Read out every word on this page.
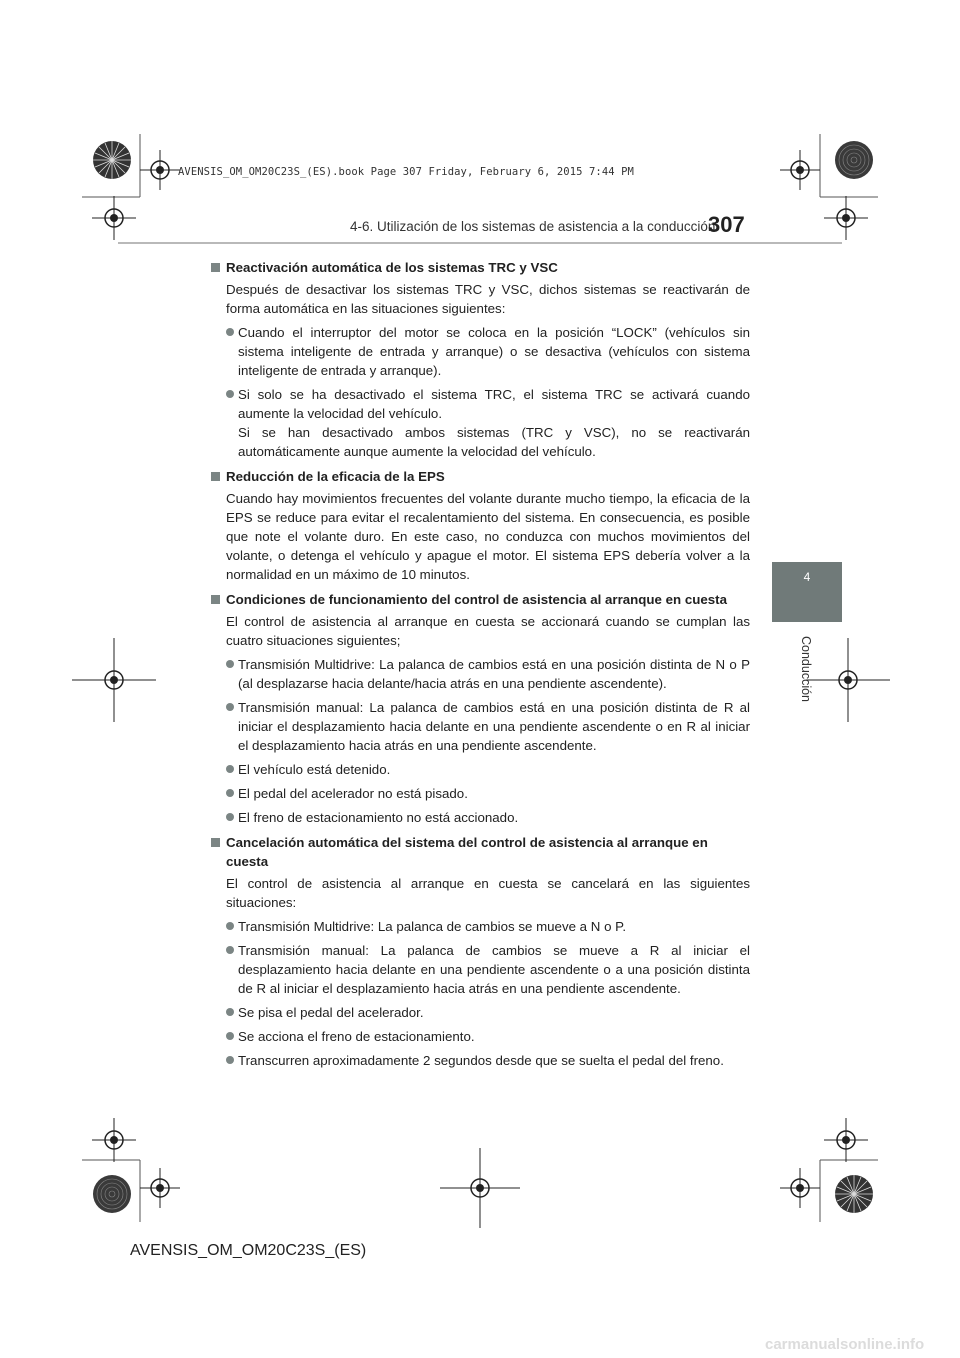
AVENSIS_OM_OM20C23S_(ES).book Page 307 Friday, February 6, 2015 7:44 PM
4-6. Utilización de los sistemas de asistencia a la conducción
307
4
Conducción
Reactivación automática de los sistemas TRC y VSC
Después de desactivar los sistemas TRC y VSC, dichos sistemas se reactivarán de forma automática en las situaciones siguientes:
Cuando el interruptor del motor se coloca en la posición “LOCK” (vehículos sin sistema inteligente de entrada y arranque) o se desactiva (vehículos con sistema inteligente de entrada y arranque).
Si solo se ha desactivado el sistema TRC, el sistema TRC se activará cuando aumente la velocidad del vehículo.
Si se han desactivado ambos sistemas (TRC y VSC), no se reactivarán automáticamente aunque aumente la velocidad del vehículo.
Reducción de la eficacia de la EPS
Cuando hay movimientos frecuentes del volante durante mucho tiempo, la eficacia de la EPS se reduce para evitar el recalentamiento del sistema. En consecuencia, es posible que note el volante duro. En este caso, no conduzca con muchos movimientos del volante, o detenga el vehículo y apague el motor. El sistema EPS debería volver a la normalidad en un máximo de 10 minutos.
Condiciones de funcionamiento del control de asistencia al arranque en cuesta
El control de asistencia al arranque en cuesta se accionará cuando se cumplan las cuatro situaciones siguientes;
Transmisión Multidrive: La palanca de cambios está en una posición distinta de N o P (al desplazarse hacia delante/hacia atrás en una pendiente ascendente).
Transmisión manual: La palanca de cambios está en una posición distinta de R al iniciar el desplazamiento hacia delante en una pendiente ascendente o en R al iniciar el desplazamiento hacia atrás en una pendiente ascendente.
El vehículo está detenido.
El pedal del acelerador no está pisado.
El freno de estacionamiento no está accionado.
Cancelación automática del sistema del control de asistencia al arranque en cuesta
El control de asistencia al arranque en cuesta se cancelará en las siguientes situaciones:
Transmisión Multidrive: La palanca de cambios se mueve a N o P.
Transmisión manual: La palanca de cambios se mueve a R al iniciar el desplazamiento hacia delante en una pendiente ascendente o a una posición distinta de R al iniciar el desplazamiento hacia atrás en una pendiente ascendente.
Se pisa el pedal del acelerador.
Se acciona el freno de estacionamiento.
Transcurren aproximadamente 2 segundos desde que se suelta el pedal del freno.
AVENSIS_OM_OM20C23S_(ES)
carmanualsonline.info
